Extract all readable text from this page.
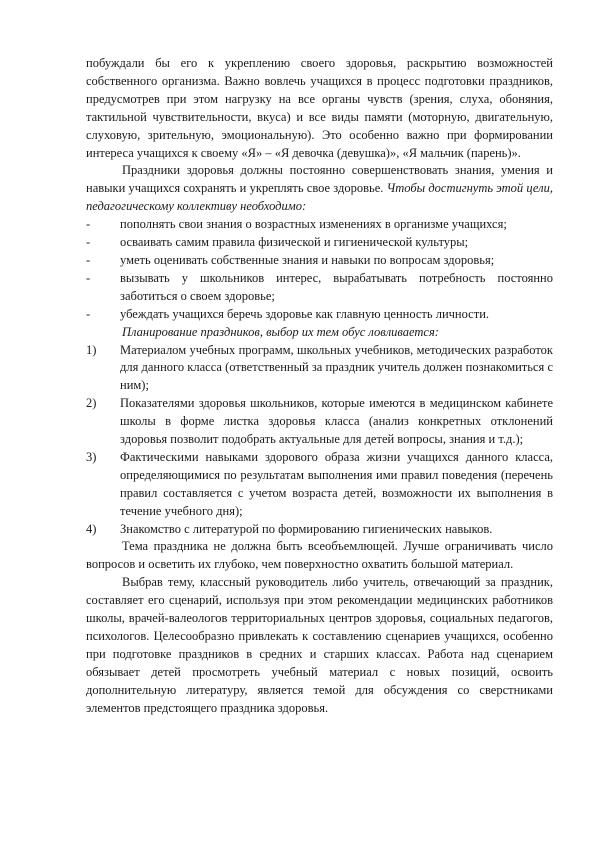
побуждали бы его к укреплению своего здоровья, раскрытию возможностей собственного организма. Важно вовлечь учащихся в процесс подготовки праздников, предусмотрев при этом нагрузку на все органы чувств (зрения, слуха, обоняния, тактильной чувствительности, вкуса) и все виды памяти (моторную, двигательную, слуховую, зрительную, эмоциональную). Это особенно важно при формировании интереса учащихся к своему «Я» – «Я девочка (девушка)», «Я мальчик (парень)».

Праздники здоровья должны постоянно совершенствовать знания, умения и навыки учащихся сохранять и укреплять свое здоровье. Чтобы достигнуть этой цели, педагогическому коллективу необходимо:

- пополнять свои знания о возрастных изменениях в организме учащихся;
- осваивать самим правила физической и гигиенической культуры;
- уметь оценивать собственные знания и навыки по вопросам здоровья;
- вызывать у школьников интерес, вырабатывать потребность постоянно заботиться о своем здоровье;
- убеждать учащихся беречь здоровье как главную ценность личности.

Планирование праздников, выбор их тем обус ловливается:

1) Материалом учебных программ, школьных учебников, методических разработок для данного класса (ответственный за праздник учитель должен познакомиться с ним);
2) Показателями здоровья школьников, которые имеются в медицинском кабинете школы в форме листка здоровья класса (анализ конкретных отклонений здоровья позволит подобрать актуальные для детей вопросы, знания и т.д.);
3) Фактическими навыками здорового образа жизни учащихся данного класса, определяющимися по результатам выполнения ими правил поведения (перечень правил составляется с учетом возраста детей, возможности их выполнения в течение учебного дня);
4) Знакомство с литературой по формированию гигиенических навыков.

Тема праздника не должна быть всеобъемлющей. Лучше ограничивать число вопросов и осветить их глубоко, чем поверхностно охватить большой материал.

Выбрав тему, классный руководитель либо учитель, отвечающий за праздник, составляет его сценарий, используя при этом рекомендации медицинских работников школы, врачей-валеологов территориальных центров здоровья, социальных педагогов, психологов. Целесообразно привлекать к составлению сценариев учащихся, особенно при подготовке праздников в средних и старших классах. Работа над сценарием обязывает детей просмотреть учебный материал с новых позиций, освоить дополнительную литературу, является темой для обсуждения со сверстниками элементов предстоящего праздника здоровья.
